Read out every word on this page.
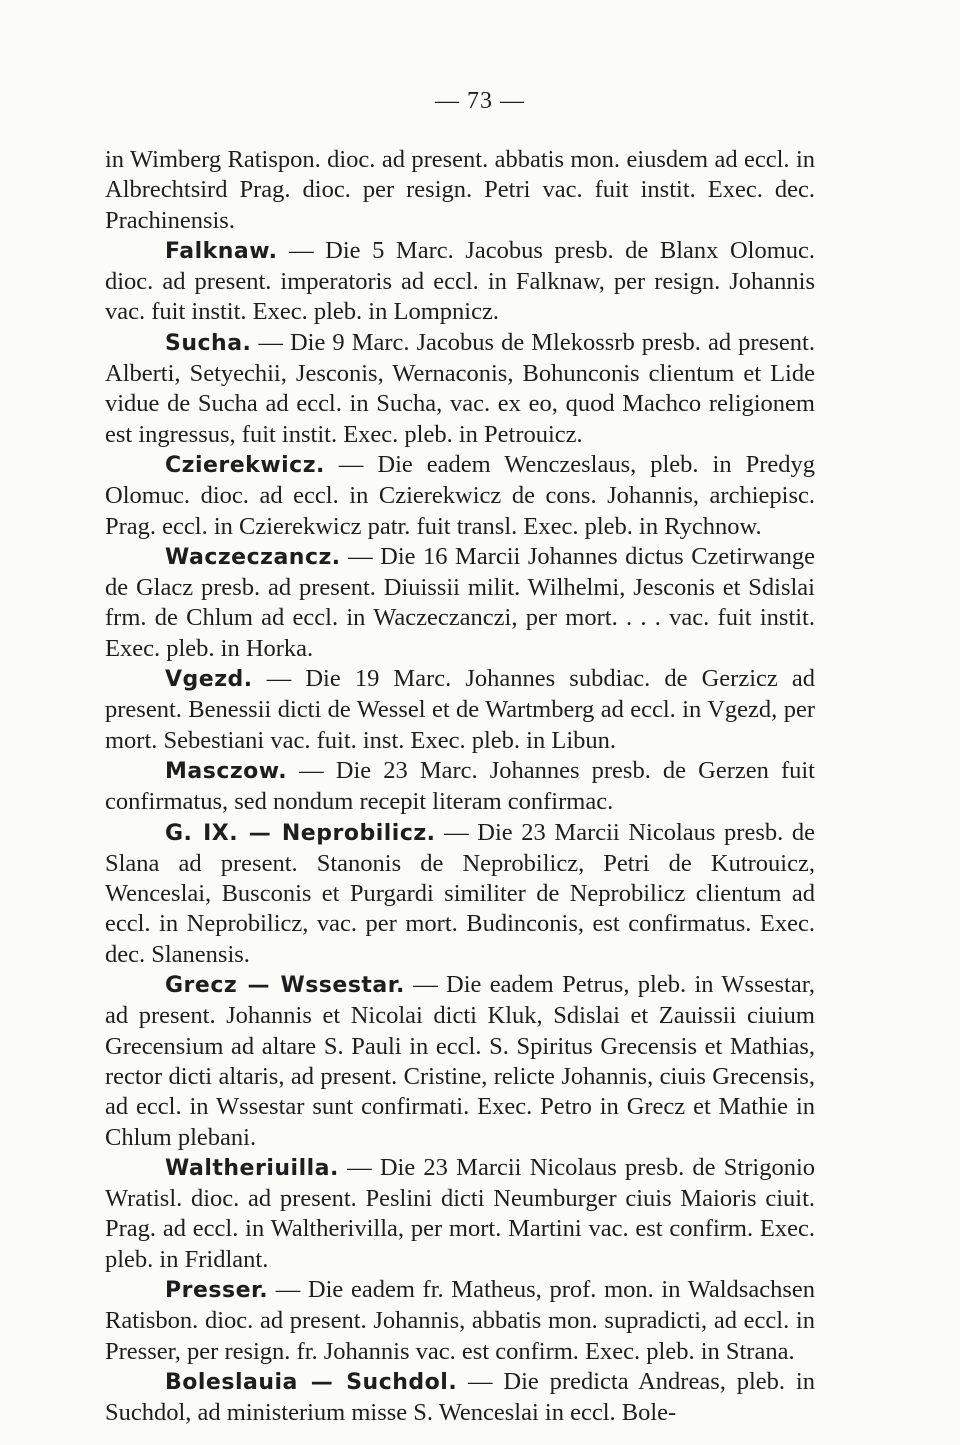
— 73 —

in Wimberg Ratispon. dioc. ad present. abbatis mon. eiusdem ad eccl. in Albrechtsird Prag. dioc. per resign. Petri vac. fuit instit. Exec. dec. Prachinensis.

Falknaw. — Die 5 Marc. Jacobus presb. de Blanx Olomuc. dioc. ad present. imperatoris ad eccl. in Falknaw, per resign. Johannis vac. fuit instit. Exec. pleb. in Lompnicz.

Sucha. — Die 9 Marc. Jacobus de Mlekossrb presb. ad present. Alberti, Setyechii, Jesconis, Wernaconis, Bohunconis clientum et Lide vidue de Sucha ad eccl. in Sucha, vac. ex eo, quod Machco religionem est ingressus, fuit instit. Exec. pleb. in Petrouicz.

Czierekwicz. — Die eadem Wenczeslaus, pleb. in Predyg Olomuc. dioc. ad eccl. in Czierekwicz de cons. Johannis, archiepisc. Prag. eccl. in Czierekwicz patr. fuit transl. Exec. pleb. in Rychnow.

Waczeczancz. — Die 16 Marcii Johannes dictus Czetirwange de Glacz presb. ad present. Diuissii milit. Wilhelmi, Jesconis et Sdislai frm. de Chlum ad eccl. in Waczeczanczi, per mort. . . . vac. fuit instit. Exec. pleb. in Horka.

Vgezd. — Die 19 Marc. Johannes subdiac. de Gerzicz ad present. Benessii dicti de Wessel et de Wartmberg ad eccl. in Vgezd, per mort. Sebestiani vac. fuit. inst. Exec. pleb. in Libun.

Masczow. — Die 23 Marc. Johannes presb. de Gerzen fuit confirmatus, sed nondum recepit literam confirmac.

G. IX. — Neprobilicz. — Die 23 Marcii Nicolaus presb. de Slana ad present. Stanonis de Neprobilicz, Petri de Kutrouicz, Wenceslai, Busconis et Purgardi similiter de Neprobilicz clientum ad eccl. in Neprobilicz, vac. per mort. Budinconis, est confirmatus. Exec. dec. Slanensis.

Grecz — Wssestar. — Die eadem Petrus, pleb. in Wssestar, ad present. Johannis et Nicolai dicti Kluk, Sdislai et Zauissii ciuium Grecensium ad altare S. Pauli in eccl. S. Spiritus Grecensis et Mathias, rector dicti altaris, ad present. Cristine, relicte Johannis, ciuis Grecensis, ad eccl. in Wssestar sunt confirmati. Exec. Petro in Grecz et Mathie in Chlum plebani.

Waltheriuilla. — Die 23 Marcii Nicolaus presb. de Strigonio Wratisl. dioc. ad present. Peslini dicti Neumburger ciuis Maioris ciuit. Prag. ad eccl. in Waltherivilla, per mort. Martini vac. est confirm. Exec. pleb. in Fridlant.

Presser. — Die eadem fr. Matheus, prof. mon. in Waldsachsen Ratisbon. dioc. ad present. Johannis, abbatis mon. supradicti, ad eccl. in Presser, per resign. fr. Johannis vac. est confirm. Exec. pleb. in Strana.

Boleslauia — Suchdol. — Die predicta Andreas, pleb. in Suchdol, ad ministerium misse S. Wenceslai in eccl. Bole-
